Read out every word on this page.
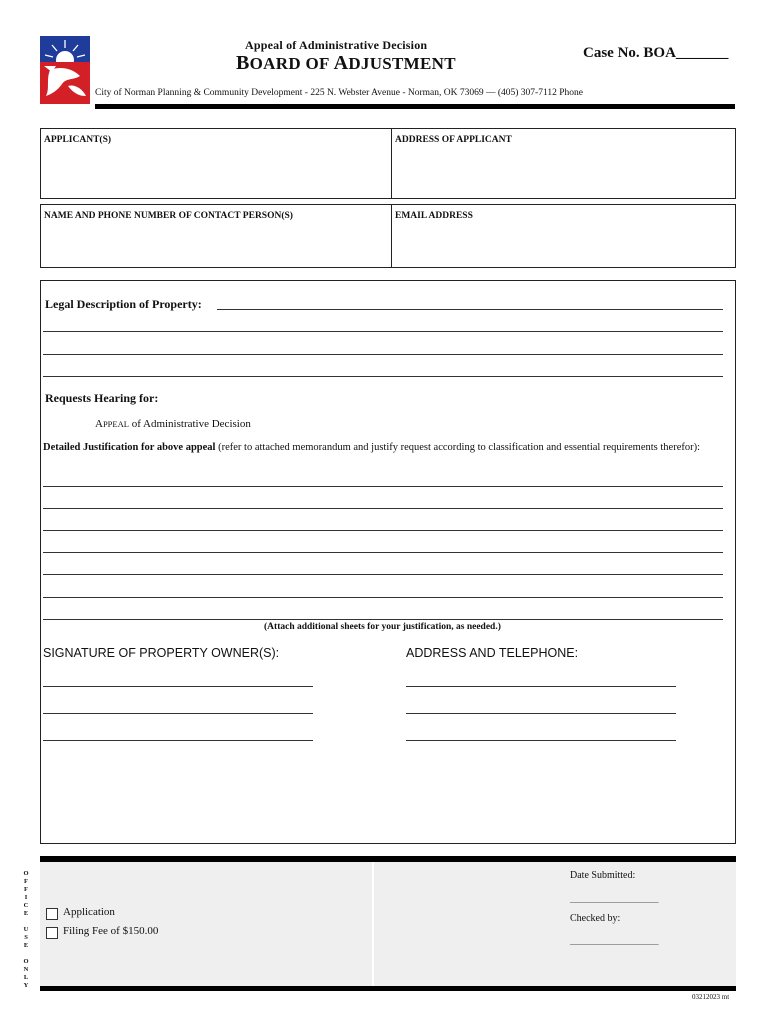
Appeal of Administrative Decision
BOARD OF ADJUSTMENT
Case No. BOA_______
City of Norman Planning & Community Development - 225 N. Webster Avenue - Norman, OK 73069 — (405) 307-7112 Phone
APPLICANT(S)	ADDRESS OF APPLICANT
NAME AND PHONE NUMBER OF CONTACT PERSON(S)	EMAIL ADDRESS
Legal Description of Property:
Requests Hearing for:
APPEAL of Administrative Decision
Detailed Justification for above appeal (refer to attached memorandum and justify request according to classification and essential requirements therefor):
(Attach additional sheets for your justification, as needed.)
SIGNATURE OF PROPERTY OWNER(S):	ADDRESS AND TELEPHONE:
O
F
F
I
C
E
U
S
E
O
N
L
Y
Application
Filing Fee of $150.00
Date Submitted:
______________________
Checked by:
______________________
03212023 mt
